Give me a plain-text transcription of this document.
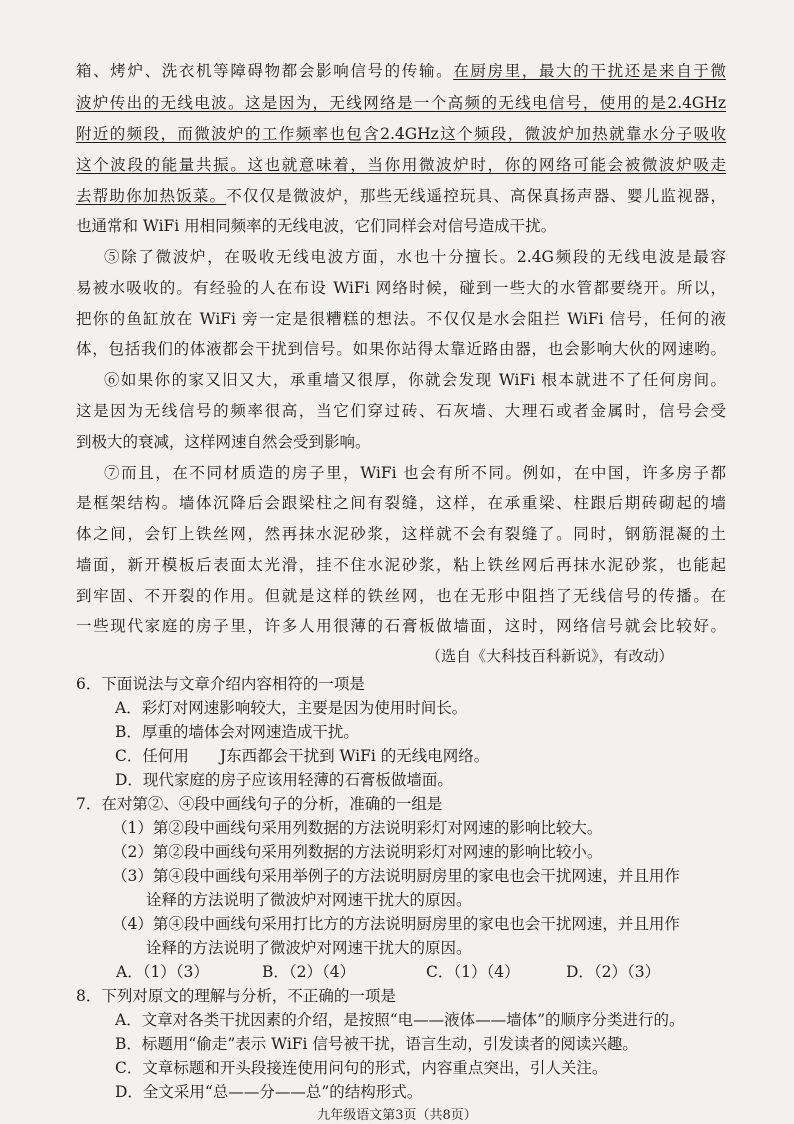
箱、烤炉、洗衣机等障碍物都会影响信号的传输。在厨房里，最大的干扰还是来自于微
波炉传出的无线电波。这是因为，无线网络是一个高频的无线电信号，使用的是2.4GHz
附近的频段，而微波炉的工作频率也包含2.4GHz这个频段，微波炉加热就靠水分子吸收
这个波段的能量共振。这也就意味着，当你用微波炉时，你的网络可能会被微波炉吸走
去帮助你加热饭菜。不仅仅是微波炉，那些无线遥控玩具、高保真扬声器、婴儿监视器，
也通常和 WiFi 用相同频率的无线电波，它们同样会对信号造成干扰。
⑤除了微波炉，在吸收无线电波方面，水也十分擅长。2.4G频段的无线电波是最容
易被水吸收的。有经验的人在布设 WiFi 网络时候，碰到一些大的水管都要绕开。所以，
把你的鱼缸放在 WiFi 旁一定是很糟糕的想法。不仅仅是水会阻拦 WiFi 信号，任何的液
体，包括我们的体液都会干扰到信号。如果你站得太靠近路由器，也会影响大伙的网速哟。
⑥如果你的家又旧又大，承重墙又很厚，你就会发现 WiFi 根本就进不了任何房间。
这是因为无线信号的频率很高，当它们穿过砖、石灰墙、大理石或者金属时，信号会受
到极大的衰减，这样网速自然会受到影响。
⑦而且，在不同材质造的房子里，WiFi 也会有所不同。例如，在中国，许多房子都
是框架结构。墙体沉降后会跟梁柱之间有裂缝，这样，在承重梁、柱跟后期砖砌起的墙
体之间，会钉上铁丝网，然再抹水泥砂浆，这样就不会有裂缝了。同时，钢筋混凝的土
墙面，新开模板后表面太光滑，挂不住水泥砂浆，粘上铁丝网后再抹水泥砂浆，也能起
到牢固、不开裂的作用。但就是这样的铁丝网，也在无形中阻挡了无线信号的传播。在
一些现代家庭的房子里，许多人用很薄的石膏板做墙面，这时，网络信号就会比较好。
（选自《大科技百科新说》，有改动）
6．下面说法与文章介绍内容相符的一项是
A．彩灯对网速影响较大，主要是因为使用时间长。
B．厚重的墙体会对网速造成干扰。
C．任何用　　J东西都会干扰到 WiFi 的无线电网络。
D．现代家庭的房子应该用轻薄的石膏板做墙面。
7．在对第②、④段中画线句子的分析，准确的一组是
（1）第②段中画线句采用列数据的方法说明彩灯对网速的影响比较大。
（2）第②段中画线句采用列数据的方法说明彩灯对网速的影响比较小。
（3）第④段中画线句采用举例子的方法说明厨房里的家电也会干扰网速，并且用作
诠释的方法说明了微波炉对网速干扰大的原因。
（4）第④段中画线句采用打比方的方法说明厨房里的家电也会干扰网速，并且用作
诠释的方法说明了微波炉对网速干扰大的原因。
A．（1）（3）	B．（2）（4）	C．（1）（4）	D．（2）（3）
九年级语文第3页（共8页）
8．下列对原文的理解与分析，不正确的一项是
A．文章对各类干扰因素的介绍，是按照“电——液体——墙体”的顺序分类进行的。
B．标题用“偷走”表示 WiFi 信号被干扰，语言生动，引发读者的阅读兴趣。
C．文章标题和开头段接连使用问句的形式，内容重点突出，引人关注。
D．全文采用“总——分——总”的结构形式。
